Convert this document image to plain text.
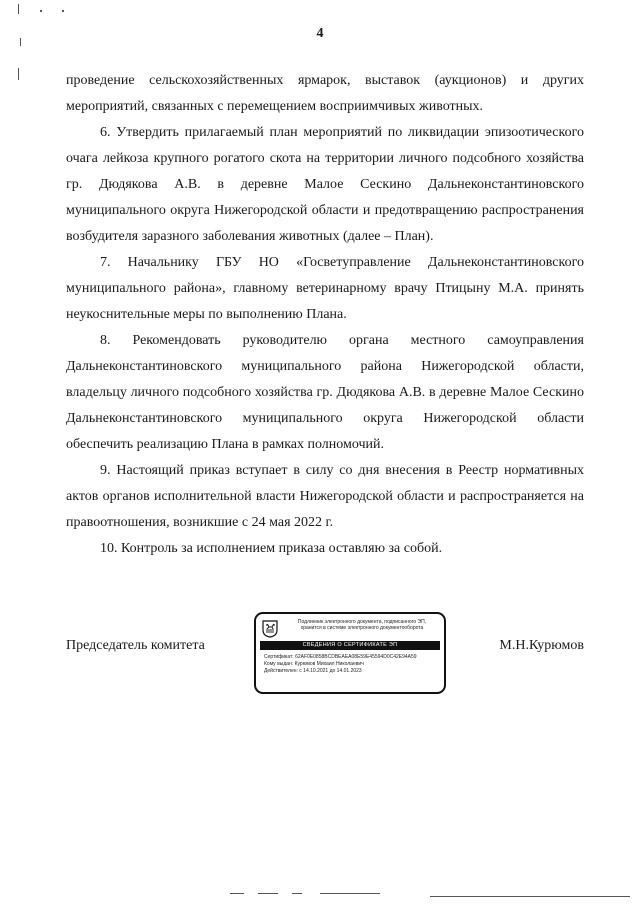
4

проведение сельскохозяйственных ярмарок, выставок (аукционов) и других мероприятий, связанных с перемещением восприимчивых животных.

6. Утвердить прилагаемый план мероприятий по ликвидации эпизоотического очага лейкоза крупного рогатого скота на территории личного подсобного хозяйства гр. Дюдякова А.В. в деревне Малое Сескино Дальнеконстантиновского муниципального округа Нижегородской области и предотвращению распространения возбудителя заразного заболевания животных (далее – План).

7. Начальнику ГБУ НО «Госветуправление Дальнеконстантиновского муниципального района», главному ветеринарному врачу Птицыну М.А. принять неукоснительные меры по выполнению Плана.

8. Рекомендовать руководителю органа местного самоуправления Дальнеконстантиновского муниципального района Нижегородской области, владельцу личного подсобного хозяйства гр. Дюдякова А.В. в деревне Малое Сескино Дальнеконстантиновского муниципального округа Нижегородской области обеспечить реализацию Плана в рамках полномочий.

9. Настоящий приказ вступает в силу со дня внесения в Реестр нормативных актов органов исполнительной власти Нижегородской области и распространяется на правоотношения, возникшие с 24 мая 2022 г.

10. Контроль за исполнением приказа оставляю за собой.

Председатель комитета
Подлинник электронного документа, подписанного ЭП,
хранится в системе электронного документооборота
СВЕДЕНИЯ О СЕРТИФИКАТЕ ЭП
Сертификат: 62AF0E0858BCDBEAEA08E59E45594D0C42E94A59
Кому выдан: Курюмов Михаил Николаевич
Действителен: с 14.10.2021 до 14.01.2023
М.Н.Курюмов
